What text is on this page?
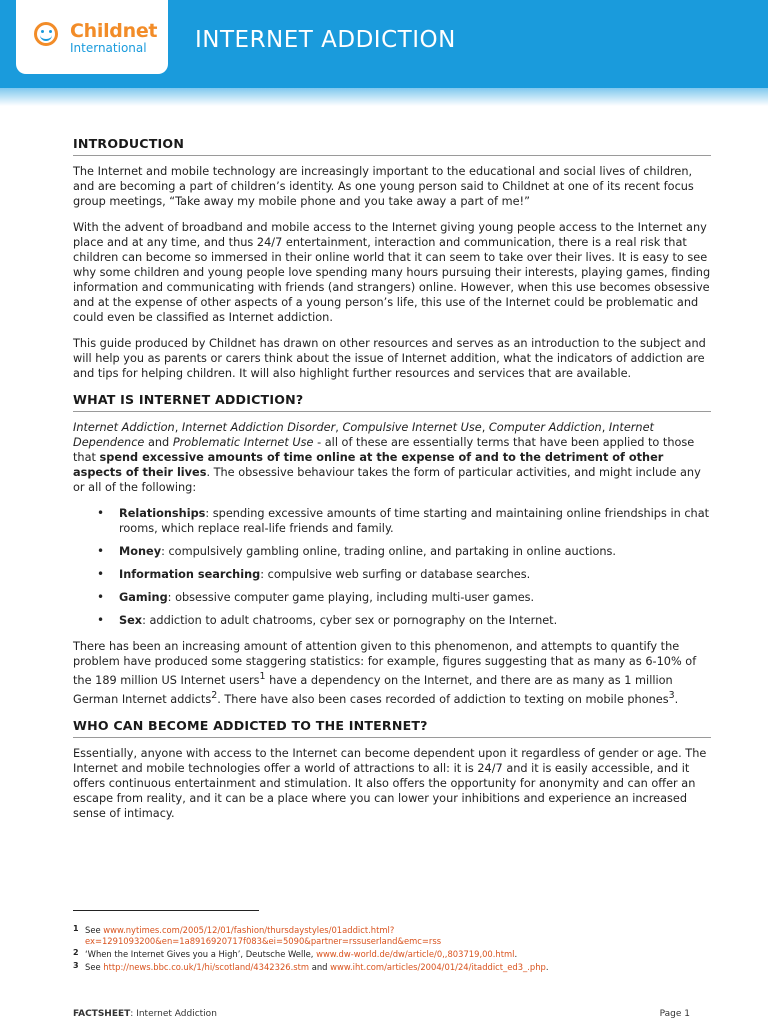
Childnet
International INTERNET ADDICTION
INTRODUCTION

The Internet and mobile technology are increasingly important to the educational and social lives of children, and are becoming a part of children’s identity. As one young person said to Childnet at one of its recent focus group meetings, “Take away my mobile phone and you take away a part of me!”

With the advent of broadband and mobile access to the Internet giving young people access to the Internet any place and at any time, and thus 24/7 entertainment, interaction and communication, there is a real risk that children can become so immersed in their online world that it can seem to take over their lives. It is easy to see why some children and young people love spending many hours pursuing their interests, playing games, finding information and communicating with friends (and strangers) online. However, when this use becomes obsessive and at the expense of other aspects of a young person’s life, this use of the Internet could be problematic and could even be classified as Internet addiction.

This guide produced by Childnet has drawn on other resources and serves as an introduction to the subject and will help you as parents or carers think about the issue of Internet addition, what the indicators of addiction are and tips for helping children. It will also highlight further resources and services that are available.

WHAT IS INTERNET ADDICTION?

Internet Addiction, Internet Addiction Disorder, Compulsive Internet Use, Computer Addiction, Internet Dependence and Problematic Internet Use - all of these are essentially terms that have been applied to those that spend excessive amounts of time online at the expense of and to the detriment of other aspects of their lives. The obsessive behaviour takes the form of particular activities, and might include any or all of the following:

• Relationships: spending excessive amounts of time starting and maintaining online friendships in chat rooms, which replace real-life friends and family.
• Money: compulsively gambling online, trading online, and partaking in online auctions.
• Information searching: compulsive web surfing or database searches.
• Gaming: obsessive computer game playing, including multi-user games.
• Sex: addiction to adult chatrooms, cyber sex or pornography on the Internet.

There has been an increasing amount of attention given to this phenomenon, and attempts to quantify the problem have produced some staggering statistics: for example, figures suggesting that as many as 6-10% of the 189 million US Internet users$^1$ have a dependency on the Internet, and there are as many as 1 million German Internet addicts$^2$. There have also been cases recorded of addiction to texting on mobile phones$^3$.

WHO CAN BECOME ADDICTED TO THE INTERNET?

Essentially, anyone with access to the Internet can become dependent upon it regardless of gender or age. The Internet and mobile technologies offer a world of attractions to all: it is 24/7 and it is easily accessible, and it offers continuous entertainment and stimulation. It also offers the opportunity for anonymity and can offer an escape from reality, and it can be a place where you can lower your inhibitions and experience an increased sense of intimacy.

1 See www.nytimes.com/2005/12/01/fashion/thursdaystyles/01addict.html?ex=1291093200&en=1a8916920717f083&ei=5090&partner=rssuserland&emc=rss
2 ‘When the Internet Gives you a High’, Deutsche Welle, www.dw-world.de/dw/article/0,,803719,00.html.
3 See http://news.bbc.co.uk/1/hi/scotland/4342326.stm and www.iht.com/articles/2004/01/24/itaddict_ed3_.php.
FACTSHEET: Internet Addiction	Page 1
